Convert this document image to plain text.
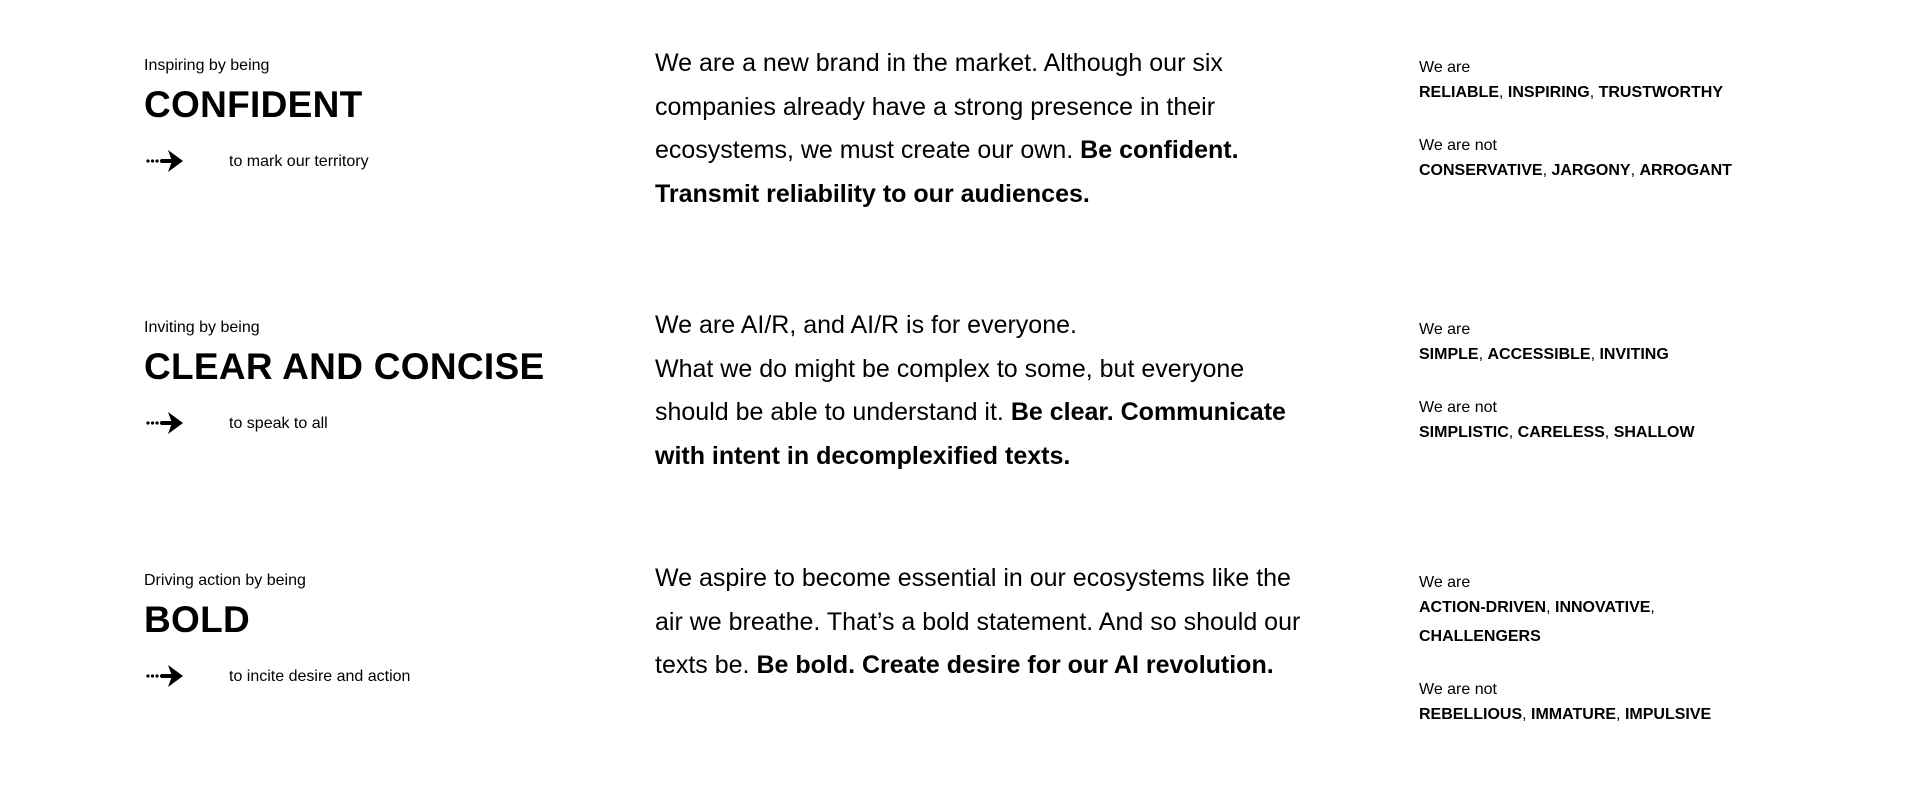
Inspiring by being
CONFIDENT
to mark our territory
We are a new brand in the market. Although our six companies already have a strong presence in their ecosystems, we must create our own. Be confident. Transmit reliability to our audiences.
We are
RELIABLE, INSPIRING, TRUSTWORTHY
We are not
CONSERVATIVE, JARGONY, ARROGANT
Inviting by being
CLEAR AND CONCISE
to speak to all
We are AI/R, and AI/R is for everyone.
What we do might be complex to some, but everyone should be able to understand it. Be clear. Communicate with intent in decomplexified texts.
We are
SIMPLE, ACCESSIBLE, INVITING
We are not
SIMPLISTIC, CARELESS, SHALLOW
Driving action by being
BOLD
to incite desire and action
We aspire to become essential in our ecosystems like the air we breathe. That’s a bold statement. And so should our texts be. Be bold. Create desire for our AI revolution.
We are
ACTION-DRIVEN, INNOVATIVE,
CHALLENGERS
We are not
REBELLIOUS, IMMATURE, IMPULSIVE
